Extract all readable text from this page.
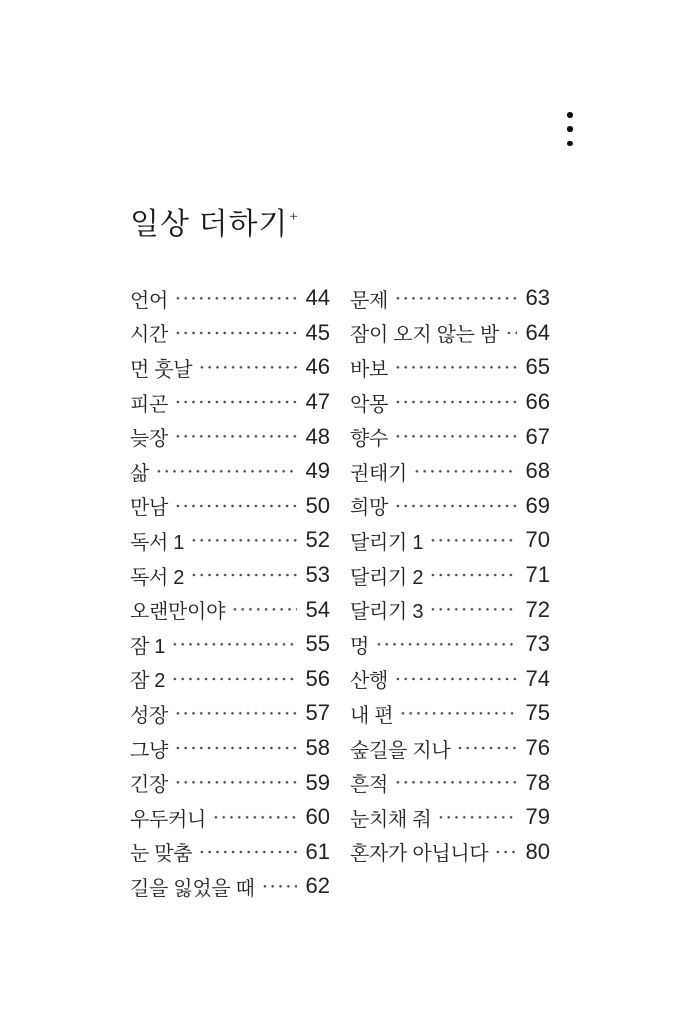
일상 더하기+
언어	44
시간	45
먼 훗날	46
피곤	47
늦장	48
삶	49
만남	50
독서 1	52
독서 2	53
오랜만이야	54
잠 1	55
잠 2	56
성장	57
그냥	58
긴장	59
우두커니	60
눈 맞춤	61
길을 잃었을 때 62
문제	63
잠이 오지 않는 밤 64
바보	65
악몽	66
향수	67
권태기	68
희망	69
달리기 1	70
달리기 2	71
달리기 3	72
멍	73
산행	74
내 편	75
숲길을 지나	76
흔적	78
눈치채 줘	79
혼자가 아닙니다 80
